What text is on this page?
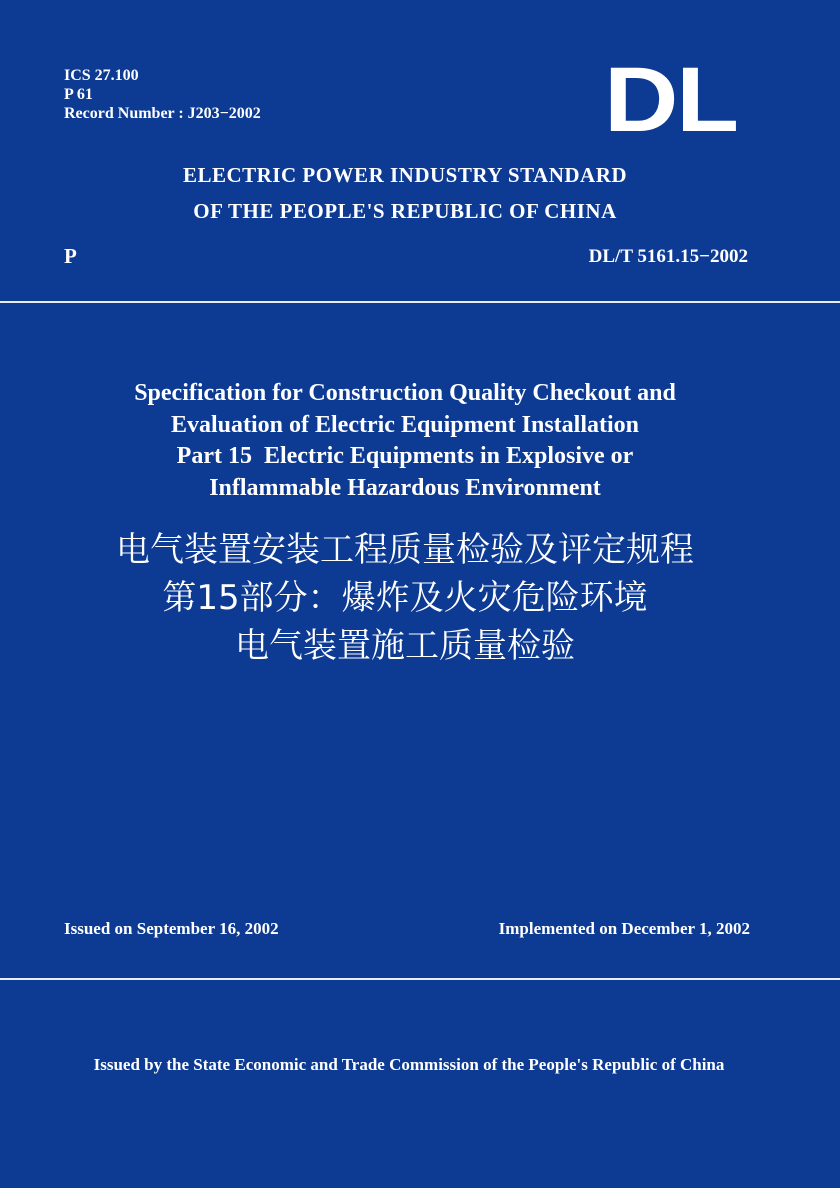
ICS 27.100
P 61
Record Number : J203−2002	DL
ELECTRIC POWER INDUSTRY STANDARD
OF THE PEOPLE'S REPUBLIC OF CHINA
P	DL/T 5161.15−2002
Specification for Construction Quality Checkout and
Evaluation of Electric Equipment Installation
Part 15  Electric Equipments in Explosive or
Inflammable Hazardous Environment
电气装置安装工程质量检验及评定规程
第15部分：爆炸及火灾危险环境
电气装置施工质量检验
Issued on September 16, 2002	Implemented on December 1, 2002
Issued by the State Economic and Trade Commission of the People's Republic of China
